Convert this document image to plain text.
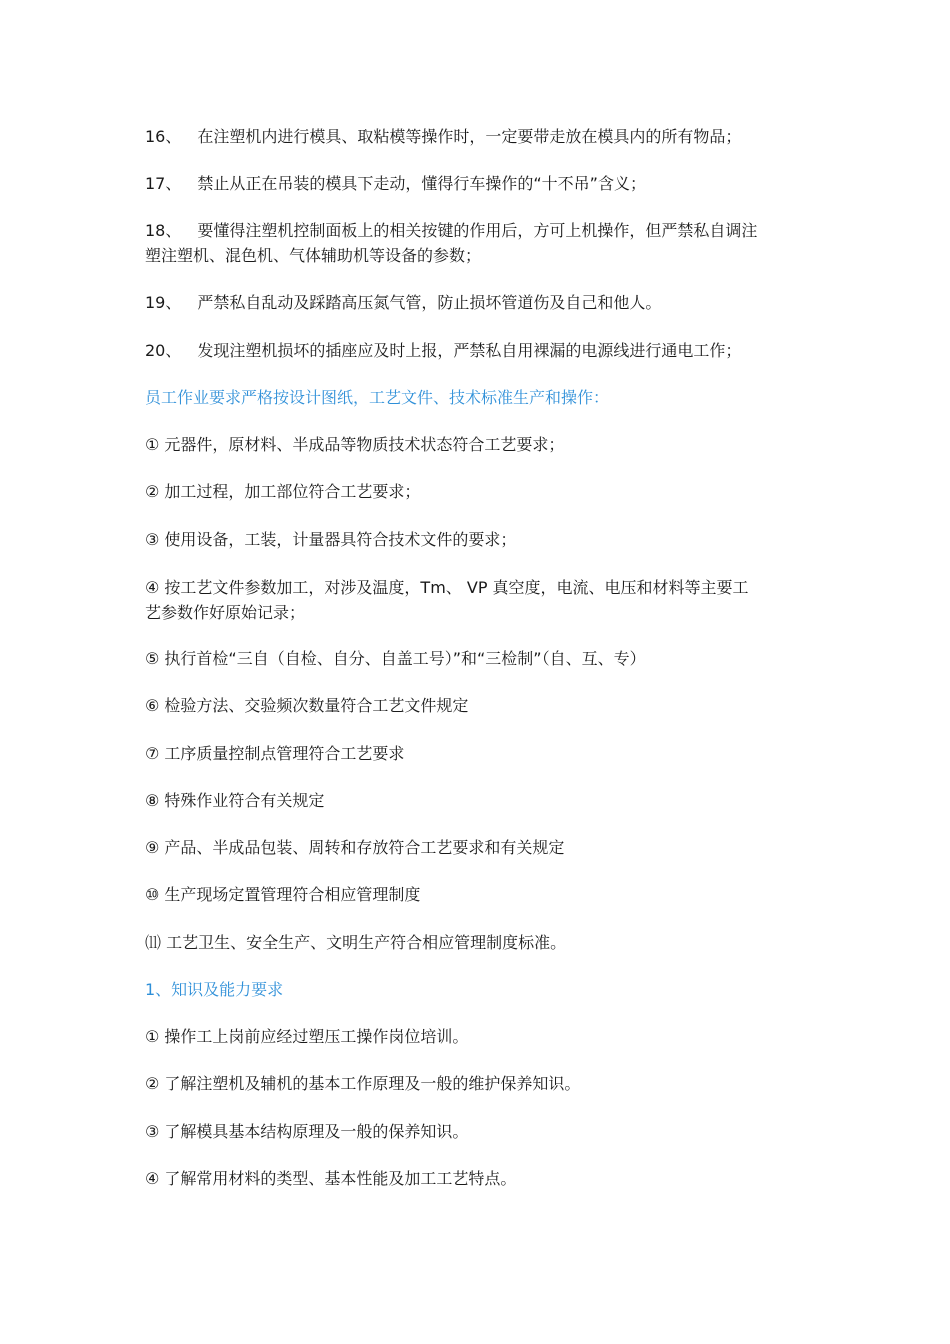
16、 在注塑机内进行模具、取粘模等操作时，一定要带走放在模具内的所有物品；
17、 禁止从正在吊装的模具下走动，懂得行车操作的“十不吊”含义；
18、 要懂得注塑机控制面板上的相关按键的作用后，方可上机操作，但严禁私自调注
塑注塑机、混色机、气体辅助机等设备的参数；
19、 严禁私自乱动及踩踏高压氮气管，防止损坏管道伤及自己和他人。
20、 发现注塑机损坏的插座应及时上报，严禁私自用裸漏的电源线进行通电工作；
员工作业要求严格按设计图纸，工艺文件、技术标准生产和操作：
① 元器件，原材料、半成品等物质技术状态符合工艺要求；
② 加工过程，加工部位符合工艺要求；
③ 使用设备，工装，计量器具符合技术文件的要求；
④ 按工艺文件参数加工，对涉及温度，Tm、 VP 真空度，电流、电压和材料等主要工
艺参数作好原始记录；
⑤ 执行首检“三自（自检、自分、自盖工号）”和“三检制”（自、互、专）
⑥ 检验方法、交验频次数量符合工艺文件规定
⑦ 工序质量控制点管理符合工艺要求
⑧ 特殊作业符合有关规定
⑨ 产品、半成品包装、周转和存放符合工艺要求和有关规定
⑩ 生产现场定置管理符合相应管理制度
⑾ 工艺卫生、安全生产、文明生产符合相应管理制度标准。
1、知识及能力要求
① 操作工上岗前应经过塑压工操作岗位培训。
② 了解注塑机及辅机的基本工作原理及一般的维护保养知识。
③ 了解模具基本结构原理及一般的保养知识。
④ 了解常用材料的类型、基本性能及加工工艺特点。
